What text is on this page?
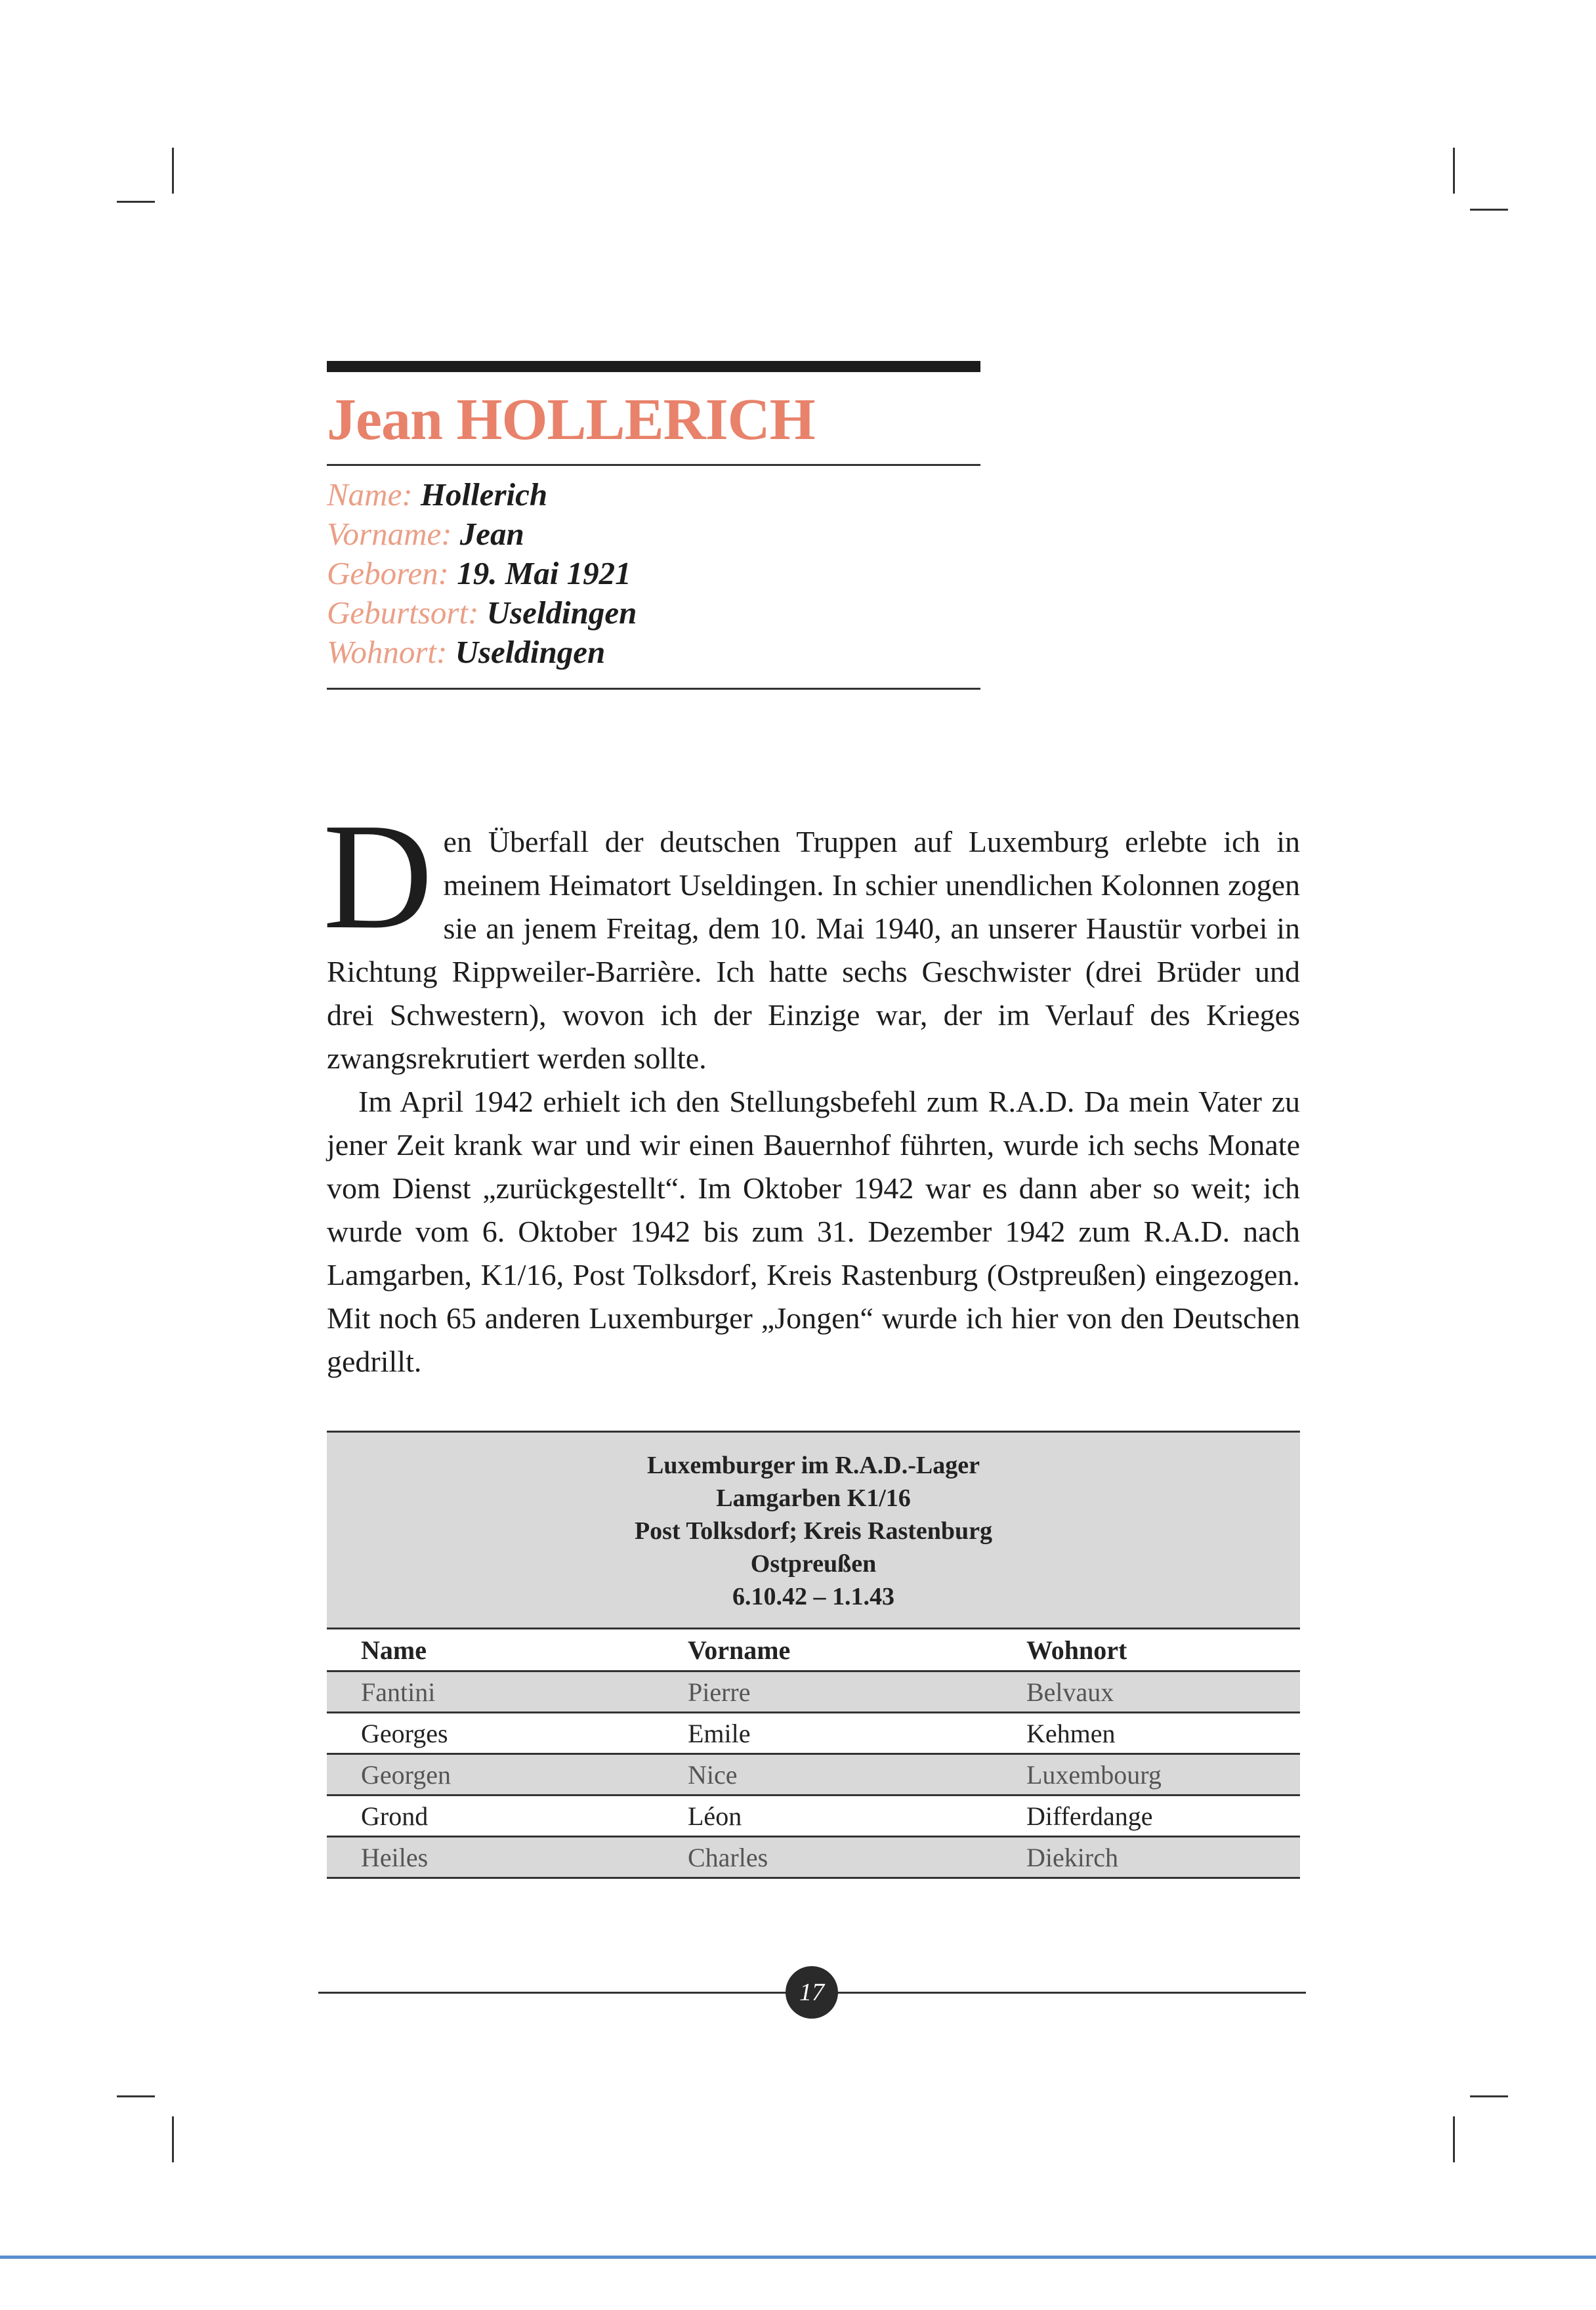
Jean HOLLERICH
Name: Hollerich
Vorname: Jean
Geboren: 19. Mai 1921
Geburtsort: Useldingen
Wohnort: Useldingen

Den Überfall der deutschen Truppen auf Luxemburg erlebte ich in meinem Heimatort Useldingen. In schier unendlichen Kolonnen zogen sie an jenem Freitag, dem 10. Mai 1940, an unserer Haustür vorbei in Richtung Rippweiler-Barrière. Ich hatte sechs Geschwister (drei Brüder und drei Schwestern), wovon ich der Einzige war, der im Verlauf des Krieges zwangsrekrutiert werden sollte.

Im April 1942 erhielt ich den Stellungsbefehl zum R.A.D. Da mein Vater zu jener Zeit krank war und wir einen Bauernhof führten, wurde ich sechs Monate vom Dienst „zurückgestellt“. Im Oktober 1942 war es dann aber so weit; ich wurde vom 6. Oktober 1942 bis zum 31. Dezember 1942 zum R.A.D. nach Lamgarben, K1/16, Post Tolksdorf, Kreis Rastenburg (Ostpreußen) eingezogen. Mit noch 65 anderen Luxemburger „Jongen“ wurde ich hier von den Deutschen gedrillt.

Luxemburger im R.A.D.-Lager
Lamgarben K1/16
Post Tolksdorf; Kreis Rastenburg
Ostpreußen
6.10.42 – 1.1.43
Name	Vorname	Wohnort
Fantini	Pierre	Belvaux
Georges	Emile	Kehmen
Georgen	Nice	Luxembourg
Grond	Léon	Differdange
Heiles	Charles	Diekirch
17
